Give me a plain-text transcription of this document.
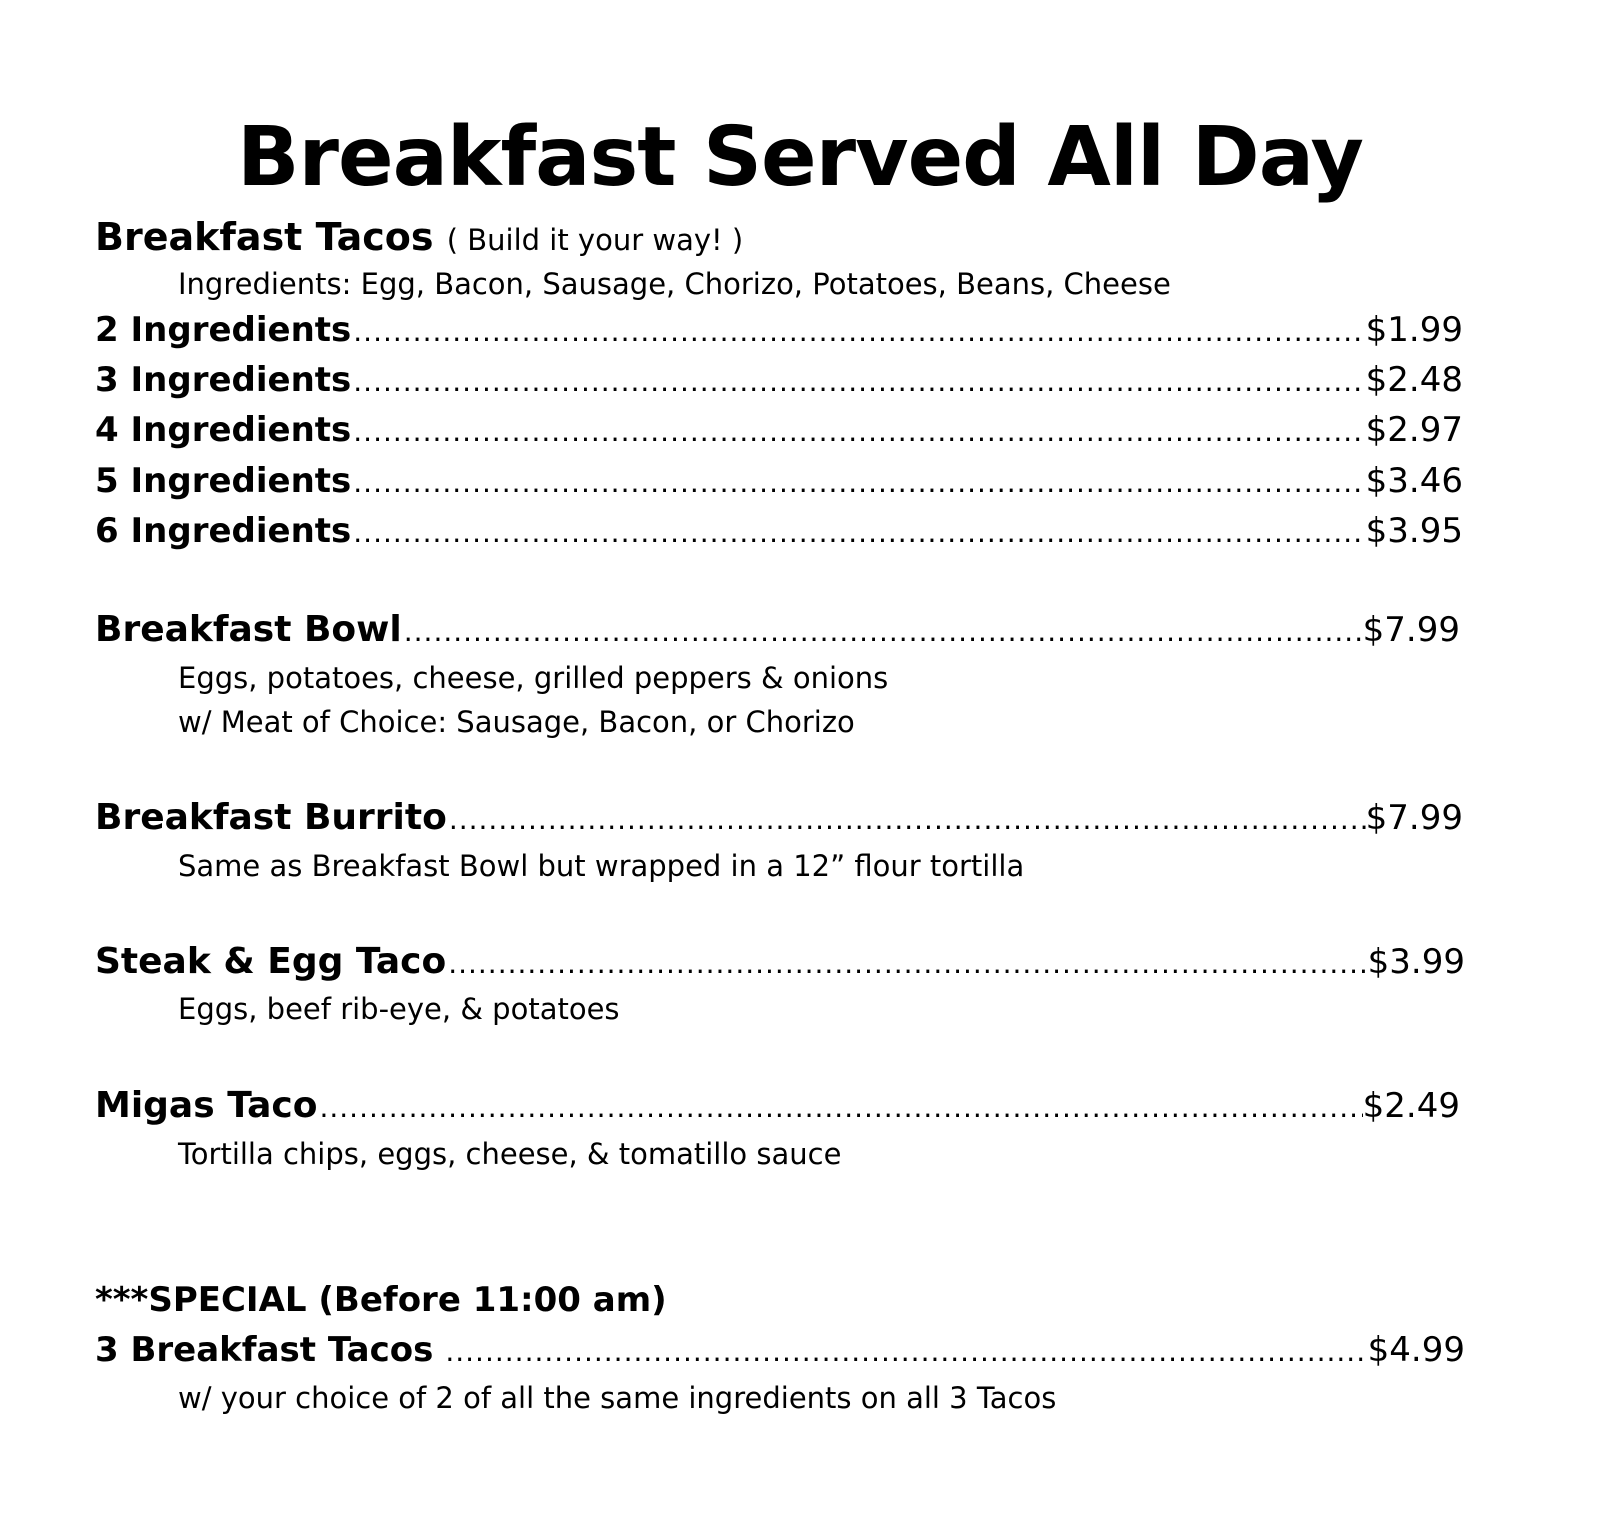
Breakfast Served All Day
Breakfast Tacos ( Build it your way! )
Ingredients: Egg, Bacon, Sausage, Chorizo, Potatoes, Beans, Cheese
2 Ingredients .....	$1.99
3 Ingredients .....	$2.48
4 Ingredients .....	$2.97
5 Ingredients .....	$3.46
6 Ingredients .....	$3.95
Breakfast Bowl .....	$7.99
Eggs, potatoes, cheese, grilled peppers & onions
w/ Meat of Choice: Sausage, Bacon, or Chorizo
Breakfast Burrito .....	$7.99
Same as Breakfast Bowl but wrapped in a 12” flour tortilla
Steak & Egg Taco .....	$3.99
Eggs, beef rib-eye, & potatoes
Migas Taco .....	$2.49
Tortilla chips, eggs, cheese, & tomatillo sauce
***SPECIAL (Before 11:00 am)
3 Breakfast Tacos .....	$4.99
w/ your choice of 2 of all the same ingredients on all 3 Tacos
